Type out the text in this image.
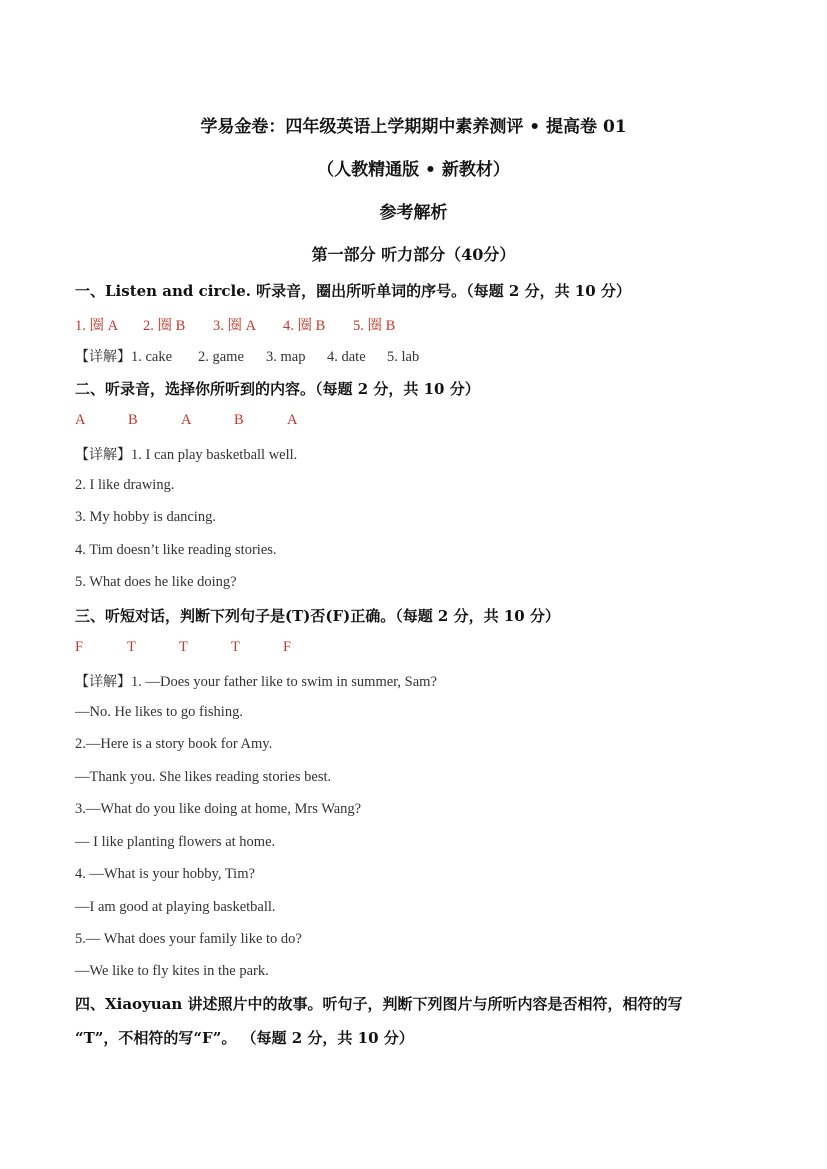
学易金卷：四年级英语上学期期中素养测评 • 提高卷 01
（人教精通版 • 新教材）
参考解析
第一部分 听力部分（40分）
一、Listen and circle. 听录音，圈出所听单词的序号。（每题 2 分，共 10 分）
1. 圈 A 2. 圈 B 3. 圈 A 4. 圈 B 5. 圈 B
【详解】1. cake 2. game 3. map 4. date 5. lab
二、听录音，选择你所听到的内容。（每题 2 分，共 10 分）
A	B	A	B	A
【详解】1. I can play basketball well.
2. I like drawing.
3. My hobby is dancing.
4. Tim doesn’t like reading stories.
5. What does he like doing?
三、听短对话，判断下列句子是(T)否(F)正确。（每题 2 分，共 10 分）
F	T	T	T	F
【详解】1. —Does your father like to swim in summer, Sam?
—No. He likes to go fishing.
2.—Here is a story book for Amy.
—Thank you. She likes reading stories best.
3.—What do you like doing at home, Mrs Wang?
— I like planting flowers at home.
4. —What is your hobby, Tim?
—I am good at playing basketball.
5.— What does your family like to do?
—We like to fly kites in the park.
四、Xiaoyuan 讲述照片中的故事。听句子，判断下列图片与所听内容是否相符，相符的写
“T”，不相符的写“F”。 （每题 2 分，共 10 分）
